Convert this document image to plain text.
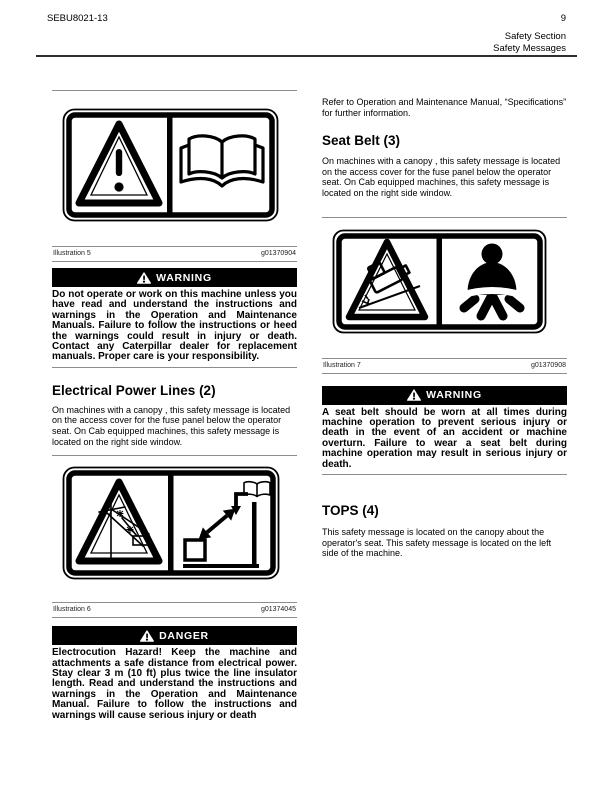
SEBU8021-13	9
Safety Section
Safety Messages
Illustration 5	g01370904
WARNING

Do not operate or work on this machine unless you have read and understand the instructions and warnings in the Operation and Maintenance Manuals. Failure to follow the instructions or heed the warnings could result in injury or death. Contact any Caterpillar dealer for replacement manuals. Proper care is your responsibility.

Electrical Power Lines (2)

On machines with a canopy , this safety message is located on the access cover for the fuse panel below the operator seat. On Cab equipped machines, this safety message is located on the right side window.

Illustration 6	g01374045
DANGER

Electrocution Hazard! Keep the machine and attachments a safe distance from electrical power. Stay clear 3 m (10 ft) plus twice the line insulator length. Read and understand the instructions and warnings in the Operation and Maintenance Manual. Failure to follow the instructions and warnings will cause serious injury or death

Refer to Operation and Maintenance Manual, “Specifications” for further information.

Seat Belt (3)

On machines with a canopy , this safety message is located on the access cover for the fuse panel below the operator seat. On Cab equipped machines, this safety message is located on the right side window.

Illustration 7	g01370908
WARNING

A seat belt should be worn at all times during machine operation to prevent serious injury or death in the event of an accident or machine overturn. Failure to wear a seat belt during machine operation may result in serious injury or death.

TOPS (4)

This safety message is located on the canopy about the operator's seat. This safety message is located on the left side of the machine.
